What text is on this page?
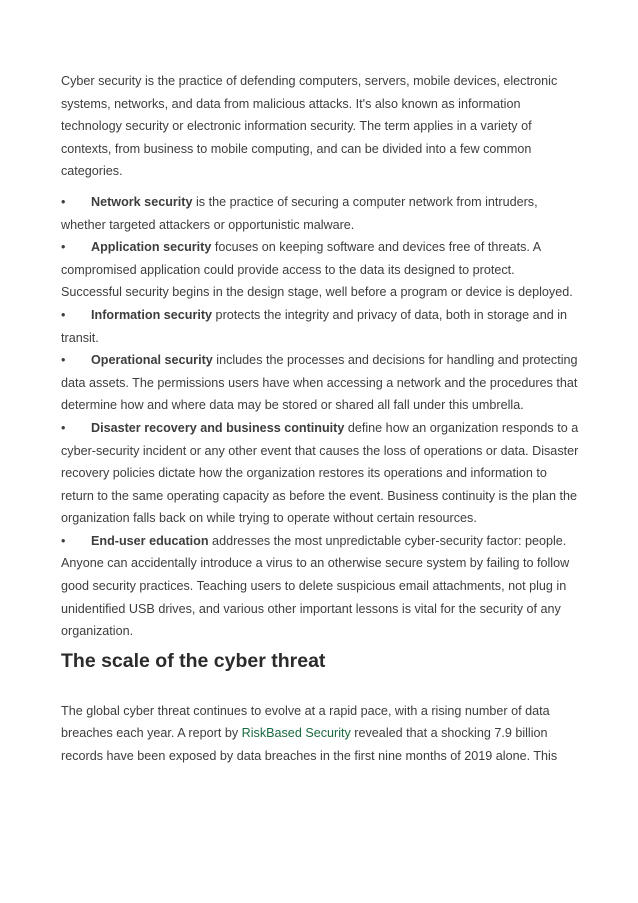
Cyber security is the practice of defending computers, servers, mobile devices, electronic systems, networks, and data from malicious attacks. It's also known as information technology security or electronic information security. The term applies in a variety of contexts, from business to mobile computing, and can be divided into a few common categories.

• Network security is the practice of securing a computer network from intruders, whether targeted attackers or opportunistic malware.
• Application security focuses on keeping software and devices free of threats. A compromised application could provide access to the data its designed to protect. Successful security begins in the design stage, well before a program or device is deployed.
• Information security protects the integrity and privacy of data, both in storage and in transit.
• Operational security includes the processes and decisions for handling and protecting data assets. The permissions users have when accessing a network and the procedures that determine how and where data may be stored or shared all fall under this umbrella.
• Disaster recovery and business continuity define how an organization responds to a cyber-security incident or any other event that causes the loss of operations or data. Disaster recovery policies dictate how the organization restores its operations and information to return to the same operating capacity as before the event. Business continuity is the plan the organization falls back on while trying to operate without certain resources.
• End-user education addresses the most unpredictable cyber-security factor: people. Anyone can accidentally introduce a virus to an otherwise secure system by failing to follow good security practices. Teaching users to delete suspicious email attachments, not plug in unidentified USB drives, and various other important lessons is vital for the security of any organization.
The scale of the cyber threat

The global cyber threat continues to evolve at a rapid pace, with a rising number of data breaches each year. A report by RiskBased Security revealed that a shocking 7.9 billion records have been exposed by data breaches in the first nine months of 2019 alone. This
